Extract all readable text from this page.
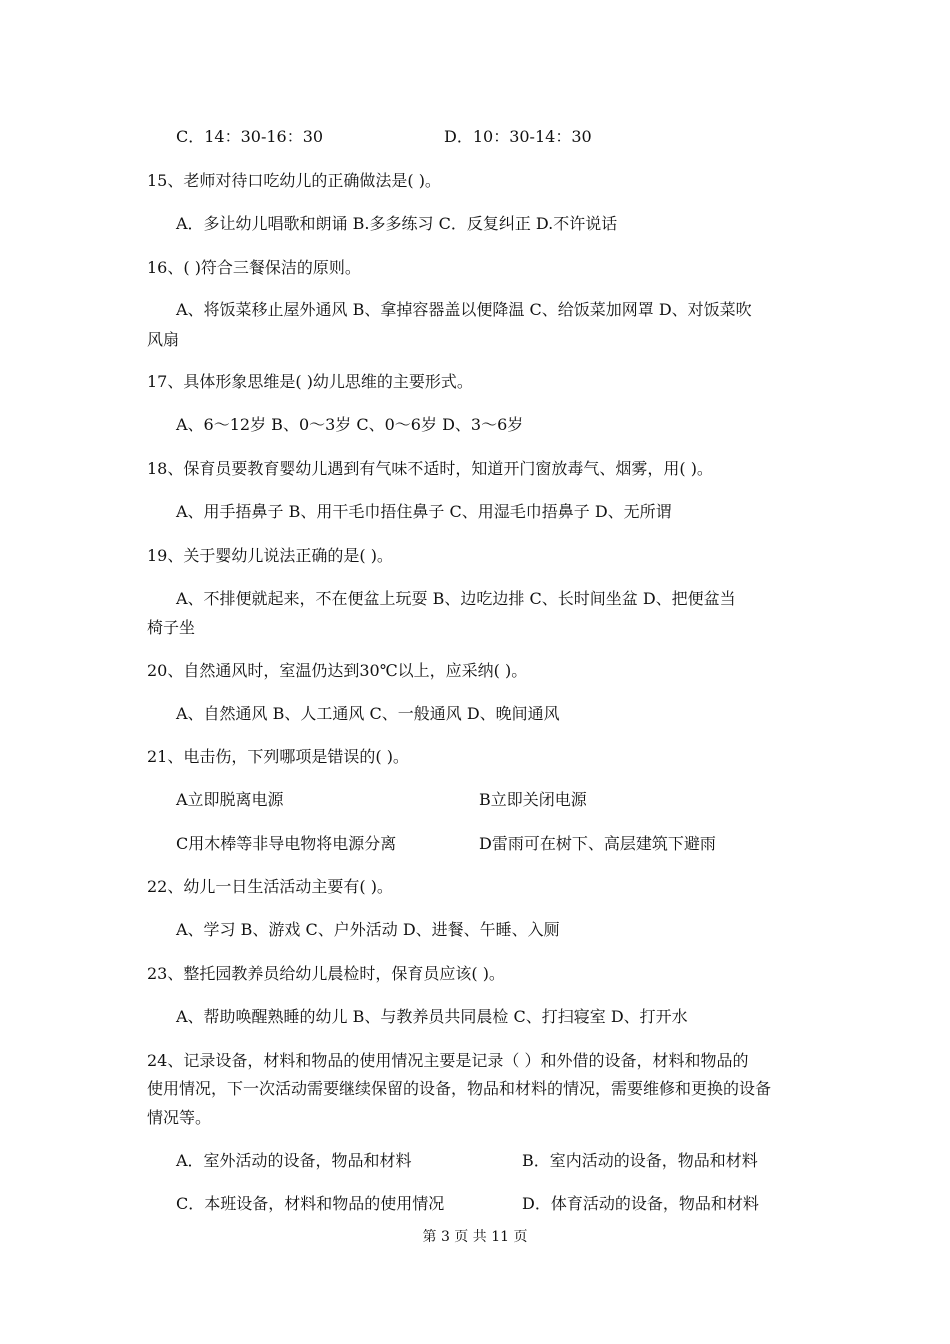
C．14：30-16：30	D．10：30-14：30
15、老师对待口吃幼儿的正确做法是( )。
A．多让幼儿唱歌和朗诵 B.多多练习 C．反复纠正 D.不许说话
16、( )符合三餐保洁的原则。
A、将饭菜移止屋外通风 B、拿掉容器盖以便降温 C、给饭菜加网罩 D、对饭菜吹
风扇
17、具体形象思维是( )幼儿思维的主要形式。
A、6～12岁 B、0～3岁 C、0～6岁 D、3～6岁
18、保育员要教育婴幼儿遇到有气味不适时，知道开门窗放毒气、烟雾，用( )。
A、用手捂鼻子 B、用干毛巾捂住鼻子 C、用湿毛巾捂鼻子 D、无所谓
19、关于婴幼儿说法正确的是( )。
A、不排便就起来，不在便盆上玩耍 B、边吃边排 C、长时间坐盆 D、把便盆当
椅子坐
20、自然通风时，室温仍达到30℃以上，应采纳( )。
A、自然通风 B、人工通风 C、一般通风 D、晚间通风
21、电击伤，下列哪项是错误的( )。
A立即脱离电源	B立即关闭电源
C用木棒等非导电物将电源分离	D雷雨可在树下、高层建筑下避雨
22、幼儿一日生活活动主要有( )。
A、学习 B、游戏 C、户外活动 D、进餐、午睡、入厕
23、整托园教养员给幼儿晨检时，保育员应该( )。
A、帮助唤醒熟睡的幼儿 B、与教养员共同晨检 C、打扫寝室 D、打开水
24、记录设备，材料和物品的使用情况主要是记录（ ）和外借的设备，材料和物品的
使用情况，下一次活动需要继续保留的设备，物品和材料的情况，需要维修和更换的设备
情况等。
A．室外活动的设备，物品和材料	B．室内活动的设备，物品和材料
C．本班设备，材料和物品的使用情况	D．体育活动的设备，物品和材料
第 3 页 共 11 页
